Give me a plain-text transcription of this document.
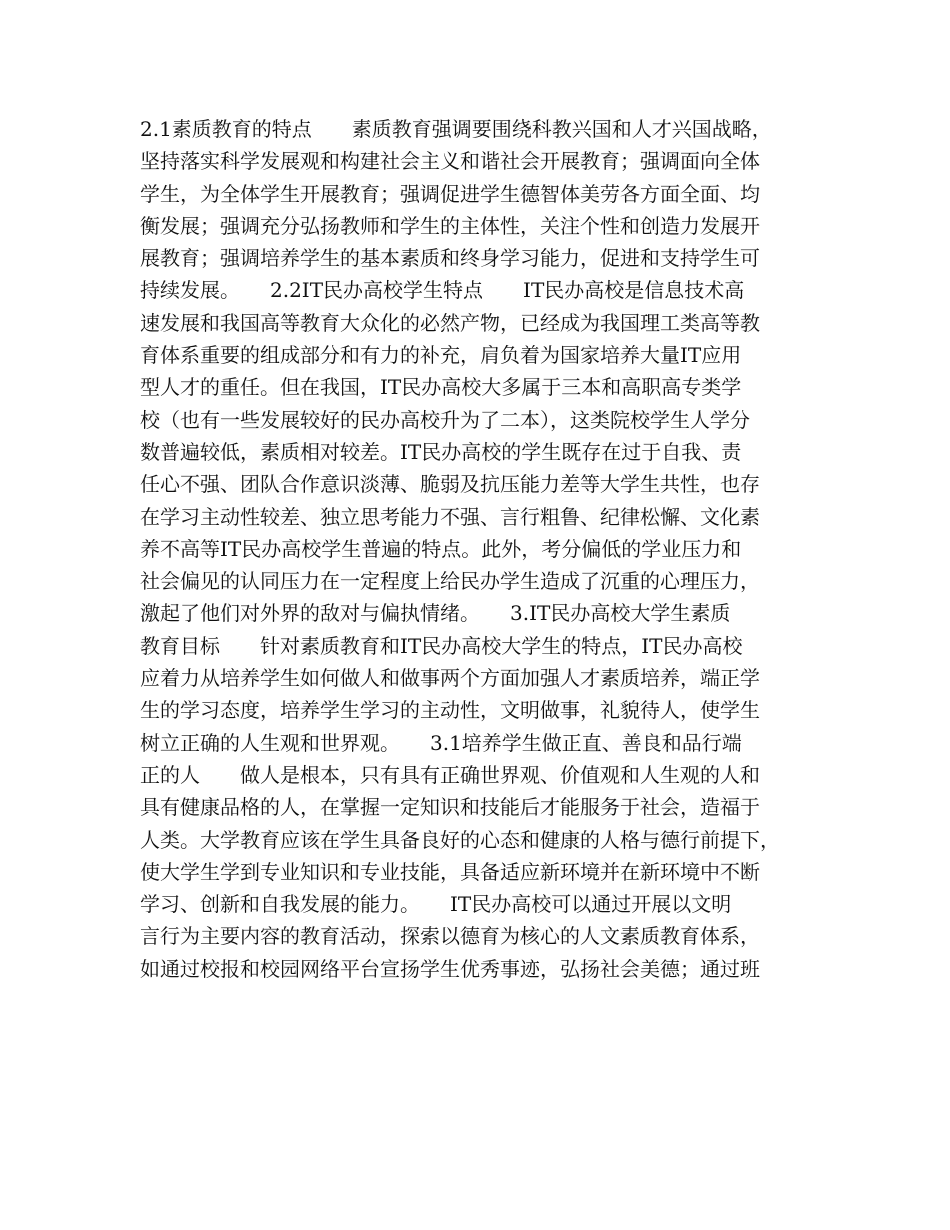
2.1素质教育的特点　　素质教育强调要围绕科教兴国和人才兴国战略，
坚持落实科学发展观和构建社会主义和谐社会开展教育；强调面向全体
学生，为全体学生开展教育；强调促进学生德智体美劳各方面全面、均
衡发展；强调充分弘扬教师和学生的主体性，关注个性和创造力发展开
展教育；强调培养学生的基本素质和终身学习能力，促进和支持学生可
持续发展。　　2.2IT民办高校学生特点　　IT民办高校是信息技术高
速发展和我国高等教育大众化的必然产物，已经成为我国理工类高等教
育体系重要的组成部分和有力的补充，肩负着为国家培养大量IT应用
型人才的重任。但在我国，IT民办高校大多属于三本和高职高专类学
校（也有一些发展较好的民办高校升为了二本），这类院校学生人学分
数普遍较低，素质相对较差。IT民办高校的学生既存在过于自我、责
任心不强、团队合作意识淡薄、脆弱及抗压能力差等大学生共性，也存
在学习主动性较差、独立思考能力不强、言行粗鲁、纪律松懈、文化素
养不高等IT民办高校学生普遍的特点。此外，考分偏低的学业压力和
社会偏见的认同压力在一定程度上给民办学生造成了沉重的心理压力，
激起了他们对外界的敌对与偏执情绪。　　3.IT民办高校大学生素质
教育目标　　针对素质教育和IT民办高校大学生的特点，IT民办高校
应着力从培养学生如何做人和做事两个方面加强人才素质培养，端正学
生的学习态度，培养学生学习的主动性，文明做事，礼貌待人，使学生
树立正确的人生观和世界观。　　3.1培养学生做正直、善良和品行端
正的人　　做人是根本，只有具有正确世界观、价值观和人生观的人和
具有健康品格的人，在掌握一定知识和技能后才能服务于社会，造福于
人类。大学教育应该在学生具备良好的心态和健康的人格与德行前提下，
使大学生学到专业知识和专业技能，具备适应新环境并在新环境中不断
学习、创新和自我发展的能力。　　IT民办高校可以通过开展以文明
言行为主要内容的教育活动，探索以德育为核心的人文素质教育体系，
如通过校报和校园网络平台宣扬学生优秀事迹，弘扬社会美德；通过班
